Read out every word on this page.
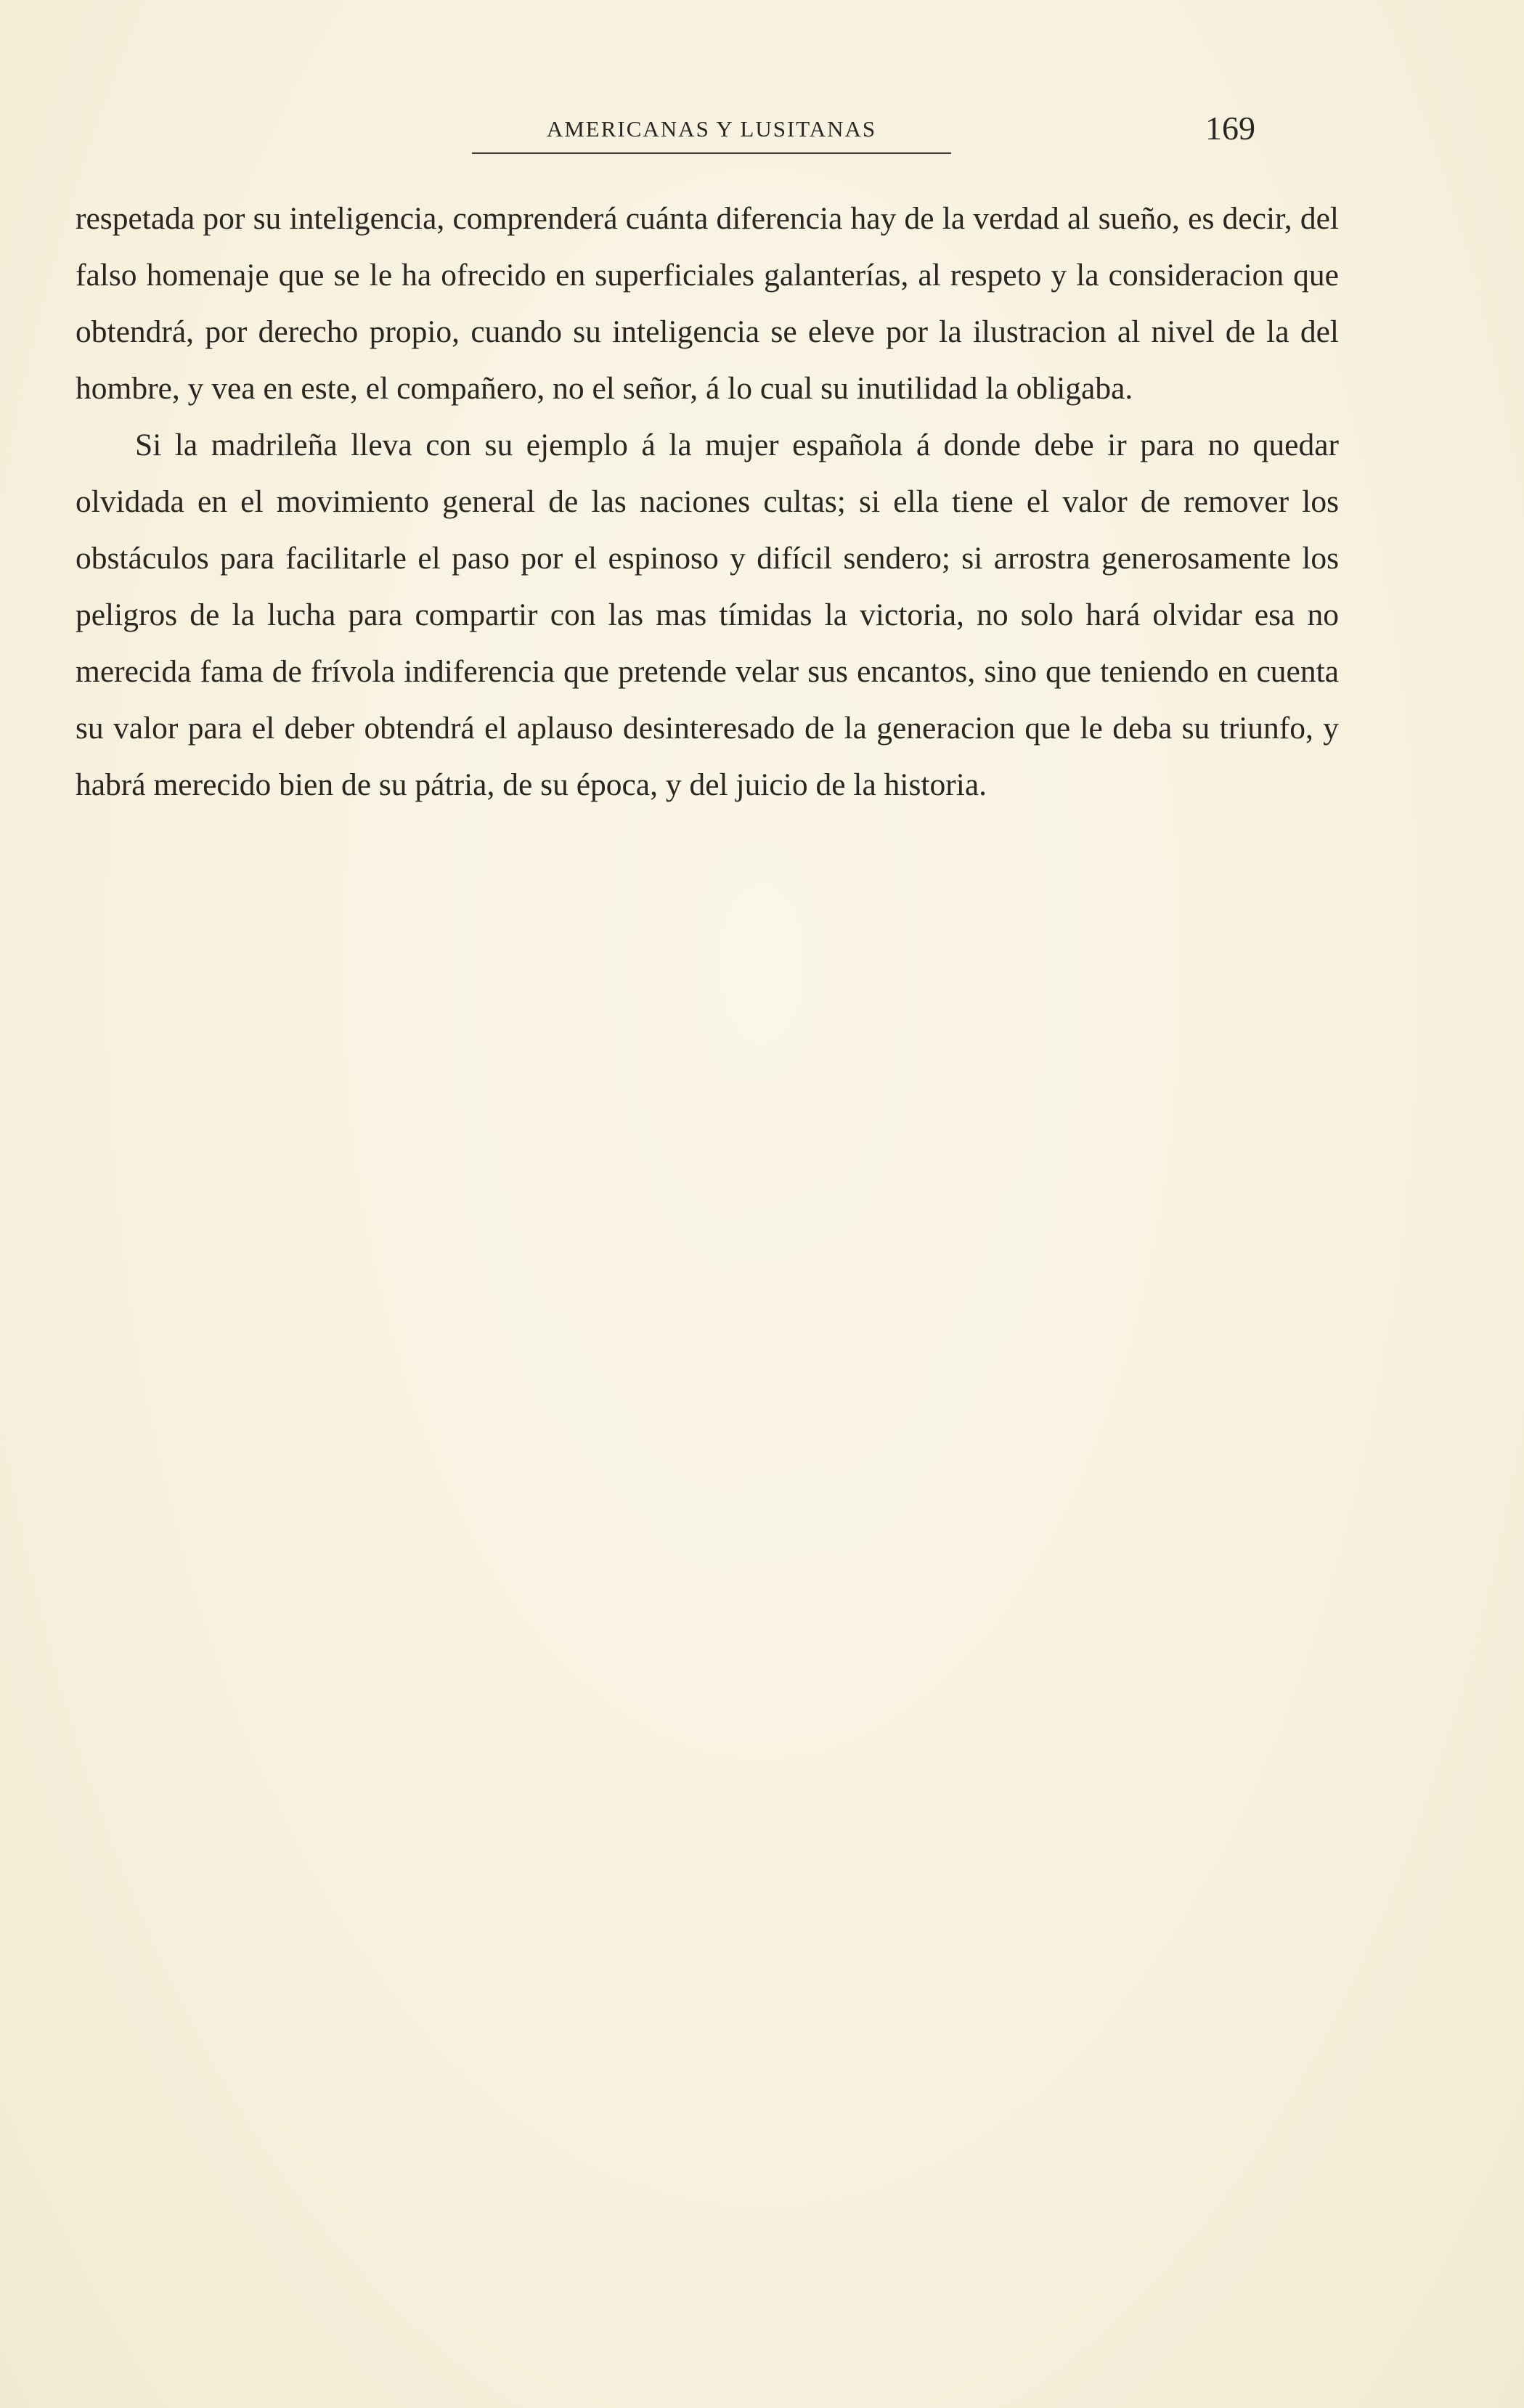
AMERICANAS Y LUSITANAS	169

respetada por su inteligencia, comprenderá cuánta diferencia hay de la verdad al sueño, es decir, del falso homenaje que se le ha ofrecido en superficiales galanterías, al respeto y la consideracion que obtendrá, por derecho propio, cuando su inteligencia se eleve por la ilustracion al nivel de la del hombre, y vea en este, el compañero, no el señor, á lo cual su inutilidad la obligaba.

Si la madrileña lleva con su ejemplo á la mujer española á donde debe ir para no quedar olvidada en el movimiento general de las naciones cultas; si ella tiene el valor de remover los obstáculos para facilitarle el paso por el espinoso y difícil sendero; si arrostra generosamente los peligros de la lucha para compartir con las mas tímidas la victoria, no solo hará olvidar esa no merecida fama de frívola indiferencia que pretende velar sus encantos, sino que teniendo en cuenta su valor para el deber obtendrá el aplauso desinteresado de la generacion que le deba su triunfo, y habrá merecido bien de su pátria, de su época, y del juicio de la historia.
